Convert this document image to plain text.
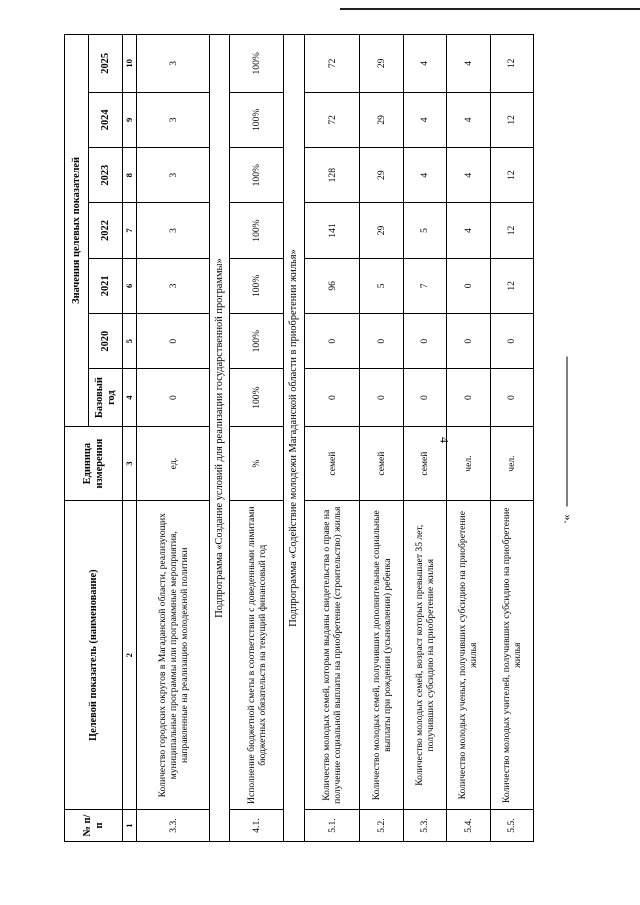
4
№ п/п	Целевой показатель (наименование)	Единица измерения	Значения целевых показателей						
			Базовый год	2020	2021	2022	2023	2024	2025
1	2	3	4	5	6	7	8	9	10
3.3.	Количество городских округов в Магаданской области, реализующих муниципальные программы или программные мероприятия, направленные на реализацию молодежной политики	ед.	0	0	3	3	3	3	3
Подпрограмма «Создание условий для реализации государственной программы»									
4.1.	Исполнение бюджетной сметы в соответствии с доведенными лимитами бюджетных обязательств на текущий финансовый год	%	100%	100%	100%	100%	100%	100%	100%
Подпрограмма «Содействие молодежи Магаданской области в приобретении жилья»									
5.1.	Количество молодых семей, которым выданы свидетельства о праве на получение социальной выплаты на приобретение (строительство) жилья	семей	0	0	96	141	128	72	72
5.2.	Количество молодых семей, получивших дополнительные социальные выплаты при рождении (усыновлении) ребенка	семей	0	0	5	29	29	29	29
5.3.	Количество молодых семей, возраст которых превышает 35 лет, получивших субсидию на приобретение жилья	семей	0	0	7	5	4	4	4
5.4.	Количество молодых ученых, получивших субсидию на приобретение жилья	чел.	0	0	0	4	4	4	4
5.5.	Количество молодых учителей, получивших субсидию на приобретение жилья	чел.	0	0	12	12	12	12	12
».
